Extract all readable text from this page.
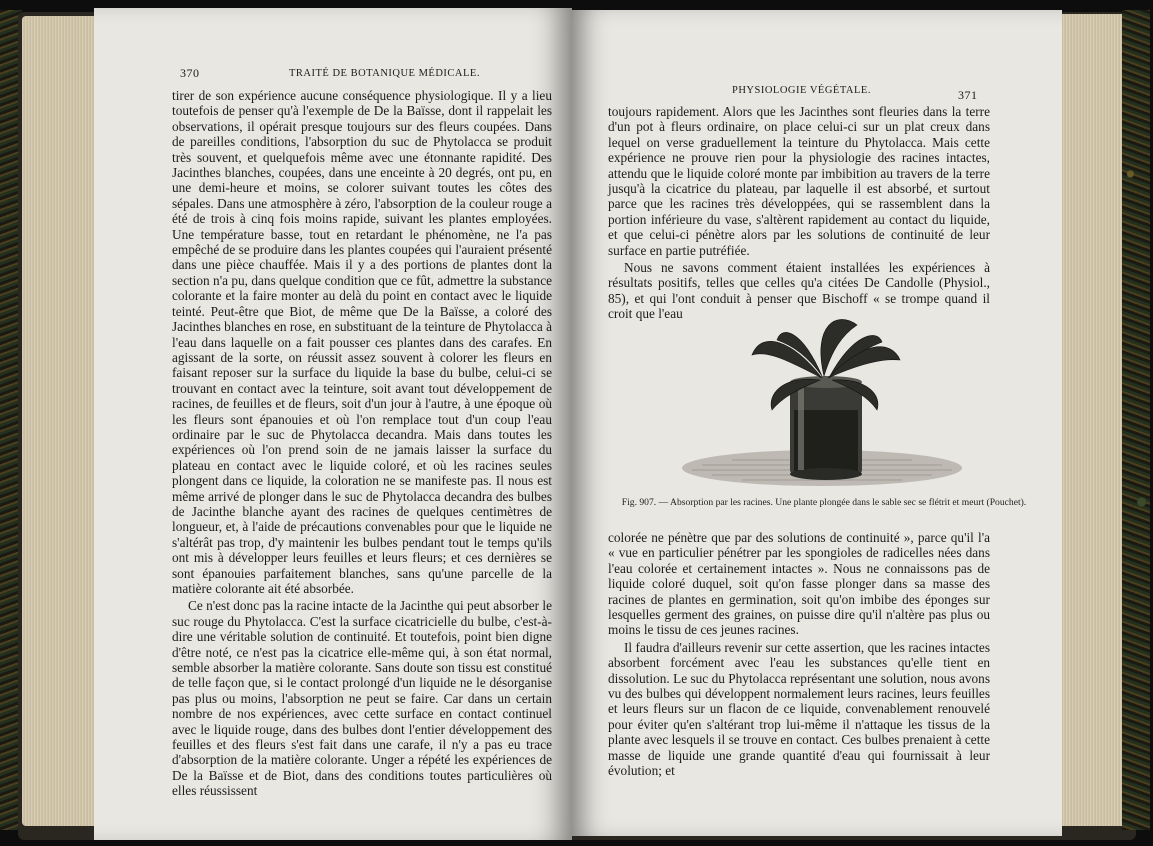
370	TRAITÉ DE BOTANIQUE MÉDICALE.

tirer de son expérience aucune conséquence physiologique. Il y a lieu toutefois de penser qu'à l'exemple de De la Baïsse, dont il rappelait les observations, il opérait presque toujours sur des fleurs coupées. Dans de pareilles conditions, l'absorption du suc de Phytolacca se produit très souvent, et quelquefois même avec une étonnante rapidité. Des Jacinthes blanches, coupées, dans une enceinte à 20 degrés, ont pu, en une demi-heure et moins, se colorer suivant toutes les côtes des sépales. Dans une atmosphère à zéro, l'absorption de la couleur rouge a été de trois à cinq fois moins rapide, suivant les plantes employées. Une température basse, tout en retardant le phénomène, ne l'a pas empêché de se produire dans les plantes coupées qui l'auraient présenté dans une pièce chauffée. Mais il y a des portions de plantes dont la section n'a pu, dans quelque condition que ce fût, admettre la substance colorante et la faire monter au delà du point en contact avec le liquide teinté. Peut-être que Biot, de même que De la Baïsse, a coloré des Jacinthes blanches en rose, en substituant de la teinture de Phytolacca à l'eau dans laquelle on a fait pousser ces plantes dans des carafes. En agissant de la sorte, on réussit assez souvent à colorer les fleurs en faisant reposer sur la surface du liquide la base du bulbe, celui-ci se trouvant en contact avec la teinture, soit avant tout développement de racines, de feuilles et de fleurs, soit d'un jour à l'autre, à une époque où les fleurs sont épanouies et où l'on remplace tout d'un coup l'eau ordinaire par le suc de Phytolacca decandra. Mais dans toutes les expériences où l'on prend soin de ne jamais laisser la surface du plateau en contact avec le liquide coloré, et où les racines seules plongent dans ce liquide, la coloration ne se manifeste pas. Il nous est même arrivé de plonger dans le suc de Phytolacca decandra des bulbes de Jacinthe blanche ayant des racines de quelques centimètres de longueur, et, à l'aide de précautions convenables pour que le liquide ne s'altérât pas trop, d'y maintenir les bulbes pendant tout le temps qu'ils ont mis à développer leurs feuilles et leurs fleurs; et ces dernières se sont épanouies parfaitement blanches, sans qu'une parcelle de la matière colorante ait été absorbée.

Ce n'est donc pas la racine intacte de la Jacinthe qui peut absorber le suc rouge du Phytolacca. C'est la surface cicatricielle du bulbe, c'est-à-dire une véritable solution de continuité. Et toutefois, point bien digne d'être noté, ce n'est pas la cicatrice elle-même qui, à son état normal, semble absorber la matière colorante. Sans doute son tissu est constitué de telle façon que, si le contact prolongé d'un liquide ne le désorganise pas plus ou moins, l'absorption ne peut se faire. Car dans un certain nombre de nos expériences, avec cette surface en contact continuel avec le liquide rouge, dans des bulbes dont l'entier développement des feuilles et des fleurs s'est fait dans une carafe, il n'y a pas eu trace d'absorption de la matière colorante. Unger a répété les expériences de De la Baïsse et de Biot, dans des conditions toutes particulières où elles réussissent

PHYSIOLOGIE VÉGÉTALE.	371

toujours rapidement. Alors que les Jacinthes sont fleuries dans la terre d'un pot à fleurs ordinaire, on place celui-ci sur un plat creux dans lequel on verse graduellement la teinture du Phytolacca. Mais cette expérience ne prouve rien pour la physiologie des racines intactes, attendu que le liquide coloré monte par imbibition au travers de la terre jusqu'à la cicatrice du plateau, par laquelle il est absorbé, et surtout parce que les racines très développées, qui se rassemblent dans la portion inférieure du vase, s'altèrent rapidement au contact du liquide, et que celui-ci pénètre alors par les solutions de continuité de leur surface en partie putréfiée.

Nous ne savons comment étaient installées les expériences à résultats positifs, telles que celles qu'a citées De Candolle (Physiol., 85), et qui l'ont conduit à penser que Bischoff « se trompe quand il croit que l'eau

Fig. 907. — Absorption par les racines. Une plante plongée dans le sable sec se flétrit et meurt (Pouchet).

colorée ne pénètre que par des solutions de continuité », parce qu'il l'a « vue en particulier pénétrer par les spongioles de radicelles nées dans l'eau colorée et certainement intactes ». Nous ne connaissons pas de liquide coloré duquel, soit qu'on fasse plonger dans sa masse des racines de plantes en germination, soit qu'on imbibe des éponges sur lesquelles germent des graines, on puisse dire qu'il n'altère pas plus ou moins le tissu de ces jeunes racines.

Il faudra d'ailleurs revenir sur cette assertion, que les racines intactes absorbent forcément avec l'eau les substances qu'elle tient en dissolution. Le suc du Phytolacca représentant une solution, nous avons vu des bulbes qui développent normalement leurs racines, leurs feuilles et leurs fleurs sur un flacon de ce liquide, convenablement renouvelé pour éviter qu'en s'altérant trop lui-même il n'attaque les tissus de la plante avec lesquels il se trouve en contact. Ces bulbes prenaient à cette masse de liquide une grande quantité d'eau qui fournissait à leur évolution; et
